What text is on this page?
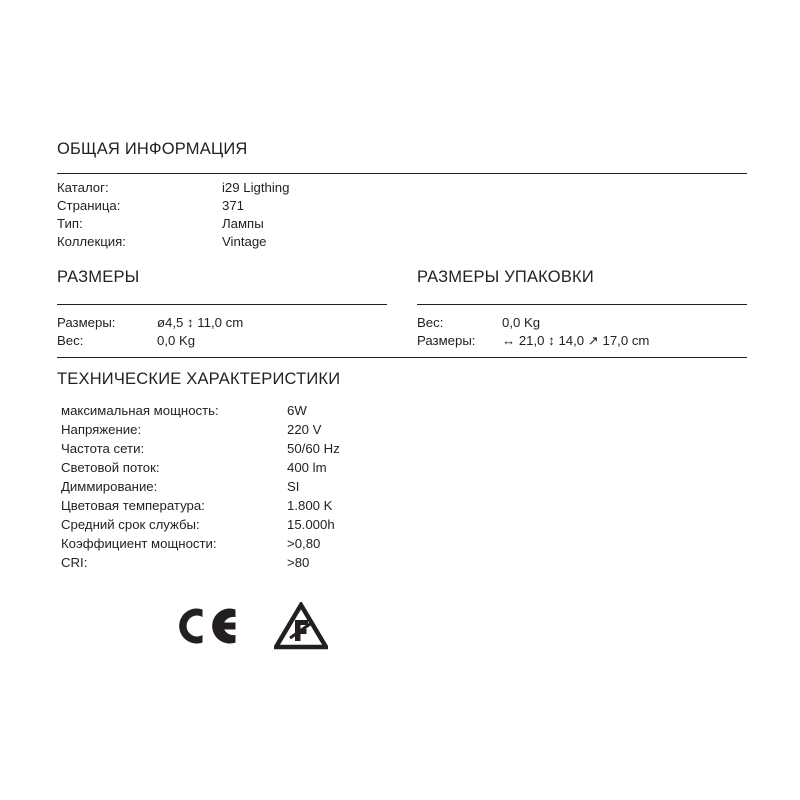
ОБЩАЯ ИНФОРМАЦИЯ

Каталог:	i29 Ligthing
Страница:	371
Тип:	Лампы
Коллекция:	Vintage
РАЗМЕРЫ
Размеры:	ø4,5 ↕ 11,0 cm
Вес:	0,0 Kg
РАЗМЕРЫ УПАКОВКИ
Вес:	0,0 Kg
Размеры:	↔ 21,0 ↕ 14,0 ↗ 17,0 cm
ТЕХНИЧЕСКИЕ ХАРАКТЕРИСТИКИ
максимальная мощность:	6W
Напряжение:	220 V
Частота сети:	50/60 Hz
Световой поток:	400 lm
Диммирование:	SI
Цветовая температура:	1.800 K
Средний срок службы:	15.000h
Коэффициент мощности:	>0,80
CRI:	>80
